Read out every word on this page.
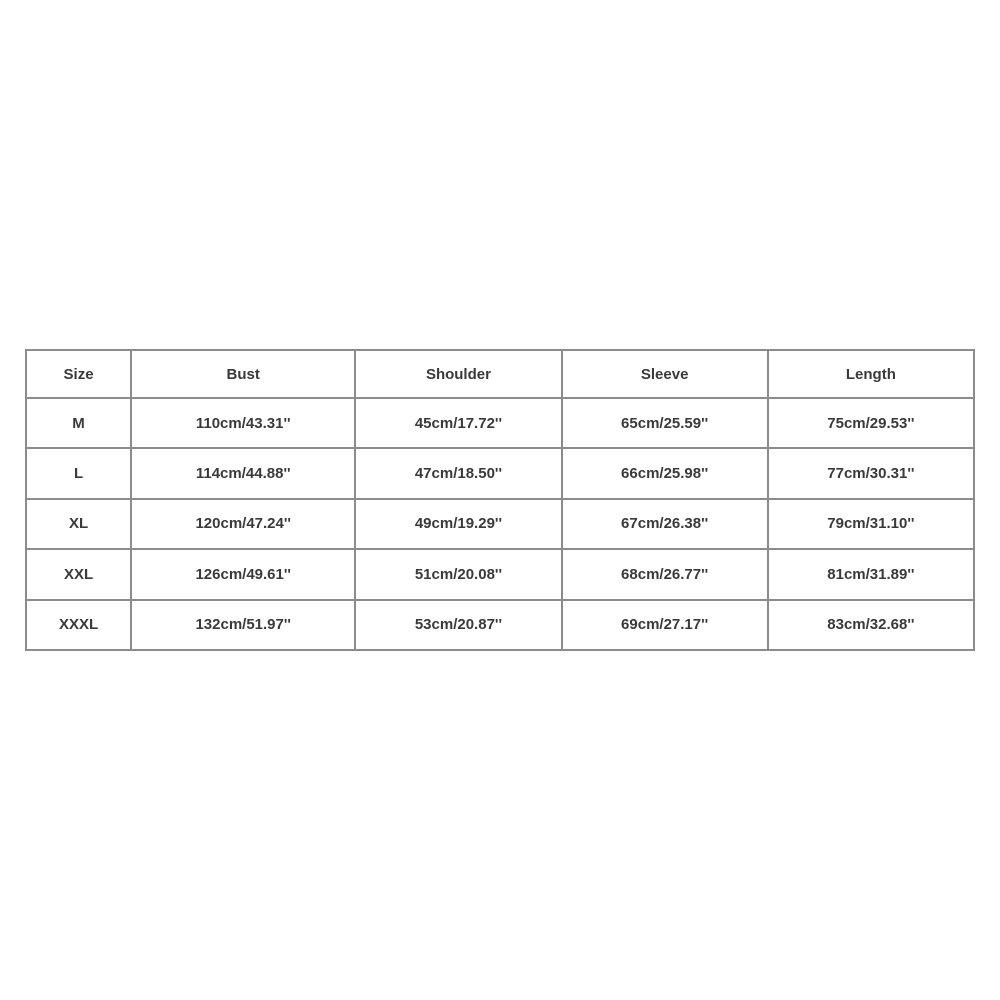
Size	Bust	Shoulder	Sleeve	Length
M	110cm/43.31''	45cm/17.72''	65cm/25.59''	75cm/29.53''
L	114cm/44.88''	47cm/18.50''	66cm/25.98''	77cm/30.31''
XL	120cm/47.24''	49cm/19.29''	67cm/26.38''	79cm/31.10''
XXL	126cm/49.61''	51cm/20.08''	68cm/26.77''	81cm/31.89''
XXXL	132cm/51.97''	53cm/20.87''	69cm/27.17''	83cm/32.68''
